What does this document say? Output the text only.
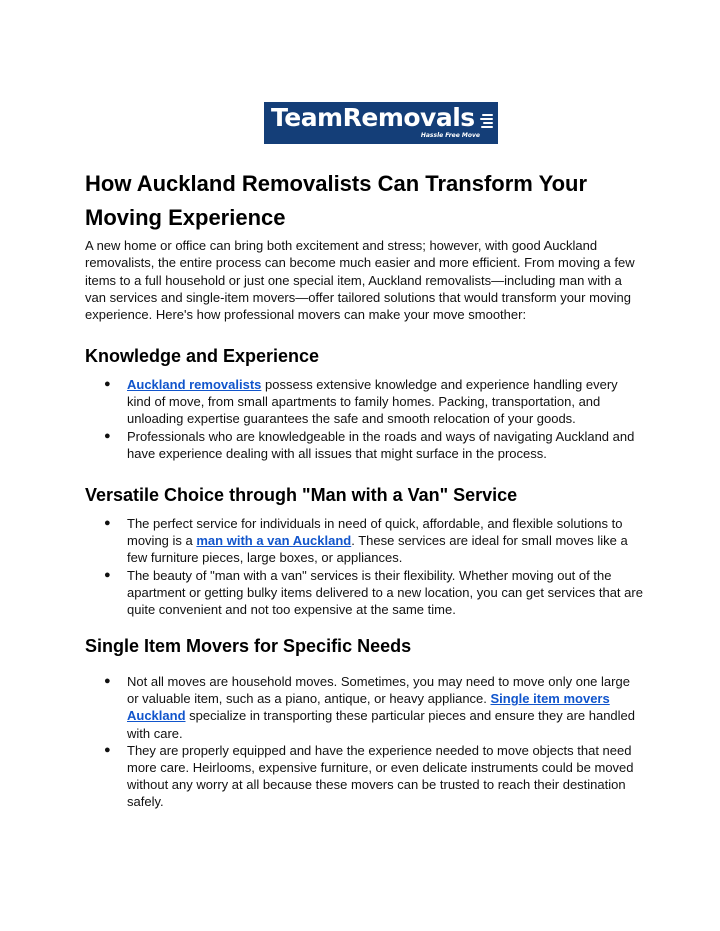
TeamRemovals
Hassle Free Move
How Auckland Removalists Can Transform Your Moving Experience

A new home or office can bring both excitement and stress; however, with good Auckland removalists, the entire process can become much easier and more efficient. From moving a few items to a full household or just one special item, Auckland removalists—including man with a van services and single-item movers—offer tailored solutions that would transform your moving experience. Here's how professional movers can make your move smoother:

Knowledge and Experience
● Auckland removalists possess extensive knowledge and experience handling every kind of move, from small apartments to family homes. Packing, transportation, and unloading expertise guarantees the safe and smooth relocation of your goods.
● Professionals who are knowledgeable in the roads and ways of navigating Auckland and have experience dealing with all issues that might surface in the process.
Versatile Choice through "Man with a Van" Service
● The perfect service for individuals in need of quick, affordable, and flexible solutions to moving is a man with a van Auckland. These services are ideal for small moves like a few furniture pieces, large boxes, or appliances.
● The beauty of "man with a van" services is their flexibility. Whether moving out of the apartment or getting bulky items delivered to a new location, you can get services that are quite convenient and not too expensive at the same time.
Single Item Movers for Specific Needs
● Not all moves are household moves. Sometimes, you may need to move only one large or valuable item, such as a piano, antique, or heavy appliance. Single item movers Auckland specialize in transporting these particular pieces and ensure they are handled with care.
● They are properly equipped and have the experience needed to move objects that need more care. Heirlooms, expensive furniture, or even delicate instruments could be moved without any worry at all because these movers can be trusted to reach their destination safely.
